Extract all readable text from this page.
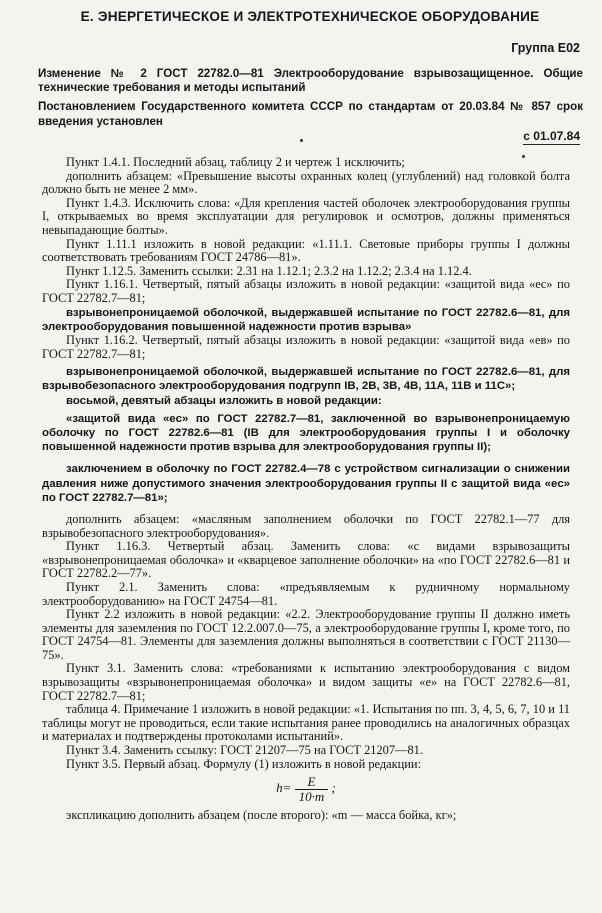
Е. ЭНЕРГЕТИЧЕСКОЕ И ЭЛЕКТРОТЕХНИЧЕСКОЕ ОБОРУДОВАНИЕ
Группа Е02
Изменение № 2 ГОСТ 22782.0—81 Электрооборудование взрывозащищенное. Общие технические требования и методы испытаний
Постановлением Государственного комитета СССР по стандартам от 20.03.84 № 857 срок введения установлен
с 01.07.84

Пункт 1.4.1. Последний абзац, таблицу 2 и чертеж 1 исключить;

дополнить абзацем: «Превышение высоты охранных колец (углублений) над головкой болта должно быть не менее 2 мм».

Пункт 1.4.3. Исключить слова: «Для крепления частей оболочек электрооборудования группы I, открываемых во время эксплуатации для регулировок и осмотров, должны применяться невыпадающие болты».

Пункт 1.11.1 изложить в новой редакции: «1.11.1. Световые приборы группы I должны соответствовать требованиям ГОСТ 24786—81».

Пункт 1.12.5. Заменить ссылки: 2.31 на 1.12.1; 2.3.2 на 1.12.2; 2.3.4 на 1.12.4.

Пункт 1.16.1. Четвертый, пятый абзацы изложить в новой редакции: «защитой вида «еc» по ГОСТ 22782.7—81;

взрывонепроницаемой оболочкой, выдержавшей испытание по ГОСТ 22782.6—81, для электрооборудования повышенной надежности против взрыва»

Пункт 1.16.2. Четвертый, пятый абзацы изложить в новой редакции: «защитой вида «eв» по ГОСТ 22782.7—81;

взрывонепроницаемой оболочкой, выдержавшей испытание по ГОСТ 22782.6—81, для взрывобезопасного электрооборудования подгрупп IВ, 2В, 3В, 4В, 11А, 11В и 11С»;

восьмой, девятый абзацы изложить в новой редакции:

«защитой вида «еc» по ГОСТ 22782.7—81, заключенной во взрывонепроницаемую оболочку по ГОСТ 22782.6—81 (IВ для электрооборудования группы I и оболочку повышенной надежности против взрыва для электрооборудования группы II);

заключением в оболочку по ГОСТ 22782.4—78 с устройством сигнализации о снижении давления ниже допустимого значения электрооборудования группы II с защитой вида «еc» по ГОСТ 22782.7—81»;

дополнить абзацем: «масляным заполнением оболочки по ГОСТ 22782.1—77 для взрывобезопасного электрооборудования».

Пункт 1.16.3. Четвертый абзац. Заменить слова: «с видами взрывозащиты «взрывонепроницаемая оболочка» и «кварцевое заполнение оболочки» на «по ГОСТ 22782.6—81 и ГОСТ 22782.2—77».

Пункт 2.1. Заменить слова: «предъявляемым к рудничному нормальному электрооборудованию» на ГОСТ 24754—81.

Пункт 2.2 изложить в новой редакции: «2.2. Электрооборудование группы II должно иметь элементы для заземления по ГОСТ 12.2.007.0—75, а электрооборудование группы I, кроме того, по ГОСТ 24754—81. Элементы для заземления должны выполняться в соответствии с ГОСТ 21130—75».

Пункт 3.1. Заменить слова: «требованиями к испытанию электрооборудования с видом взрывозащиты «взрывонепроницаемая оболочка» и видом защиты «е» на ГОСТ 22782.6—81, ГОСТ 22782.7—81;

таблица 4. Примечание 1 изложить в новой редакции: «1. Испытания по пп. 3, 4, 5, 6, 7, 10 и 11 таблицы могут не проводиться, если такие испытания ранее проводились на аналогичных образцах и материалах и подтверждены протоколами испытаний».

Пункт 3.4. Заменить ссылку: ГОСТ 21207—75 на ГОСТ 21207—81.

Пункт 3.5. Первый абзац. Формулу (1) изложить в новой редакции:

$h= \frac{E}{10\cdot m}$ ;

экспликацию дополнить абзацем (после второго): «m — масса бойка, кг»;
